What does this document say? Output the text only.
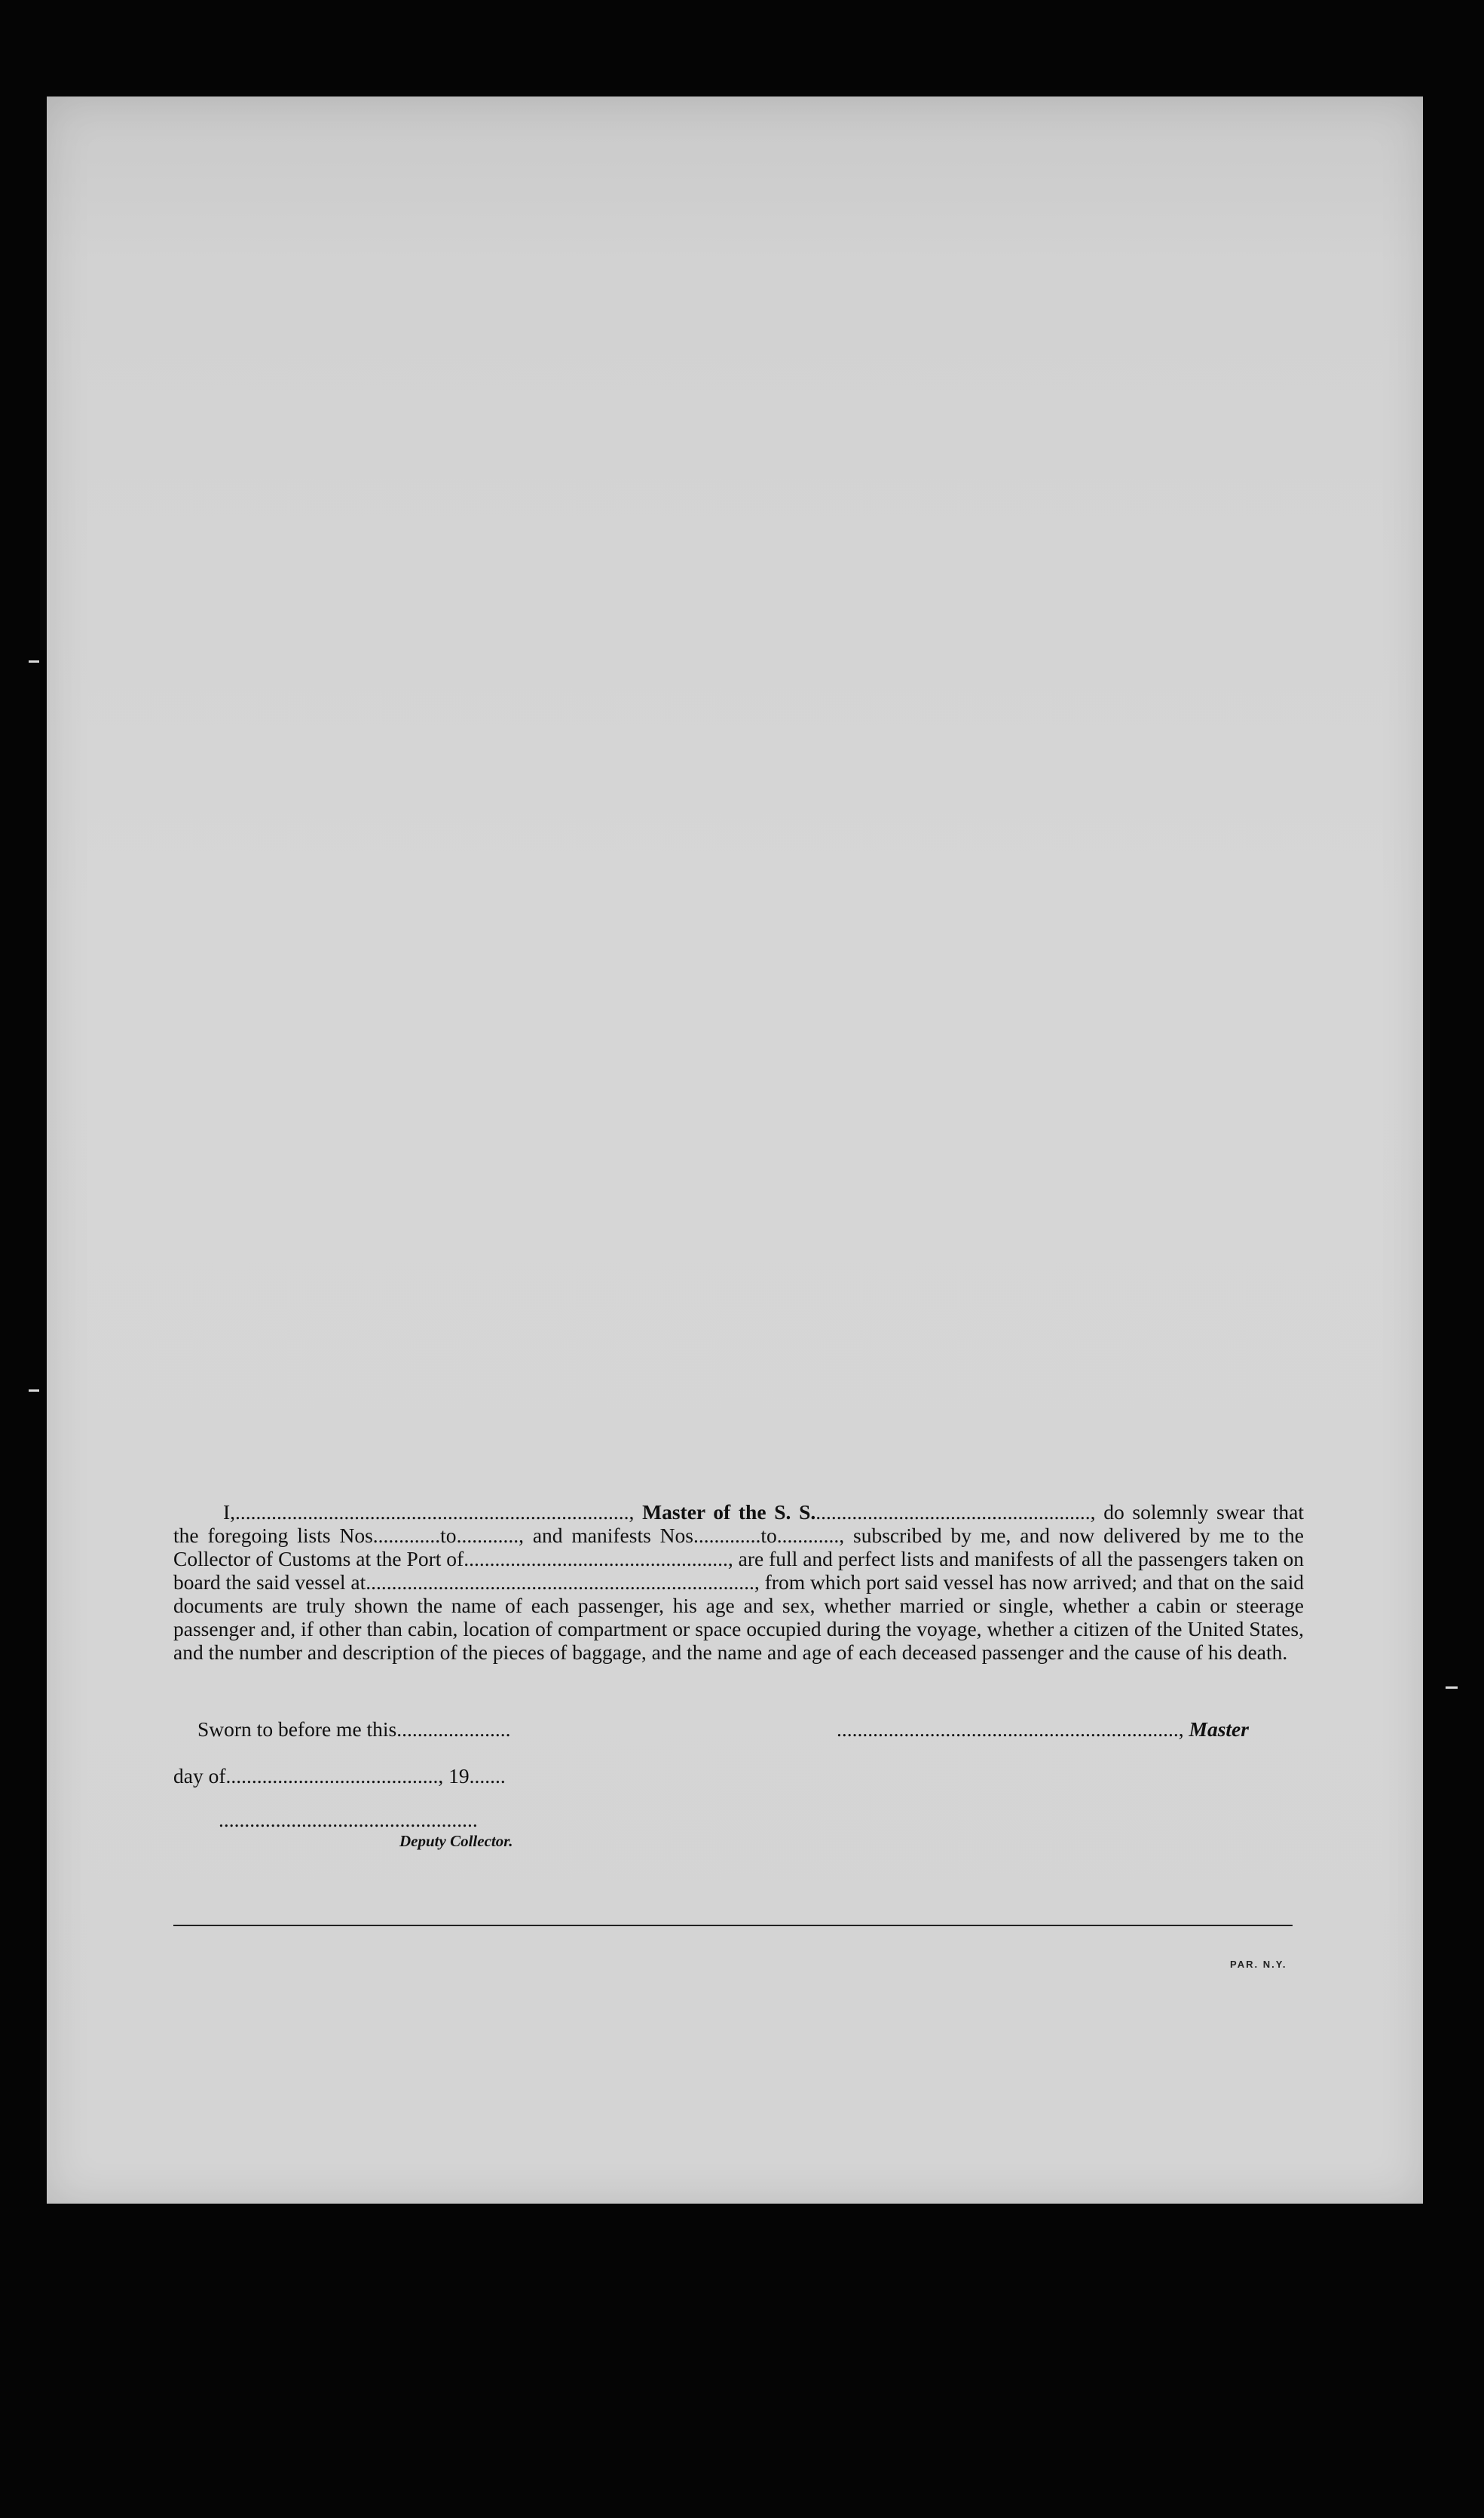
I,............................................................................, Master of the S. S......................................................, do solemnly swear that the foregoing lists Nos.............to............, and manifests Nos.............to............, subscribed by me, and now delivered by me to the Collector of Customs at the Port of..................................................., are full and perfect lists and manifests of all the passengers taken on board the said vessel at..........................................................................., from which port said vessel has now arrived; and that on the said documents are truly shown the name of each passenger, his age and sex, whether married or single, whether a cabin or steerage passenger and, if other than cabin, location of compartment or space occupied during the voyage, whether a citizen of the United States, and the number and description of the pieces of baggage, and the name and age of each deceased passenger and the cause of his death.

Sworn to before me this......................	.................................................................., Master
day of........................................., 19.......
..................................................
Deputy Collector.
PAR. N.Y.
